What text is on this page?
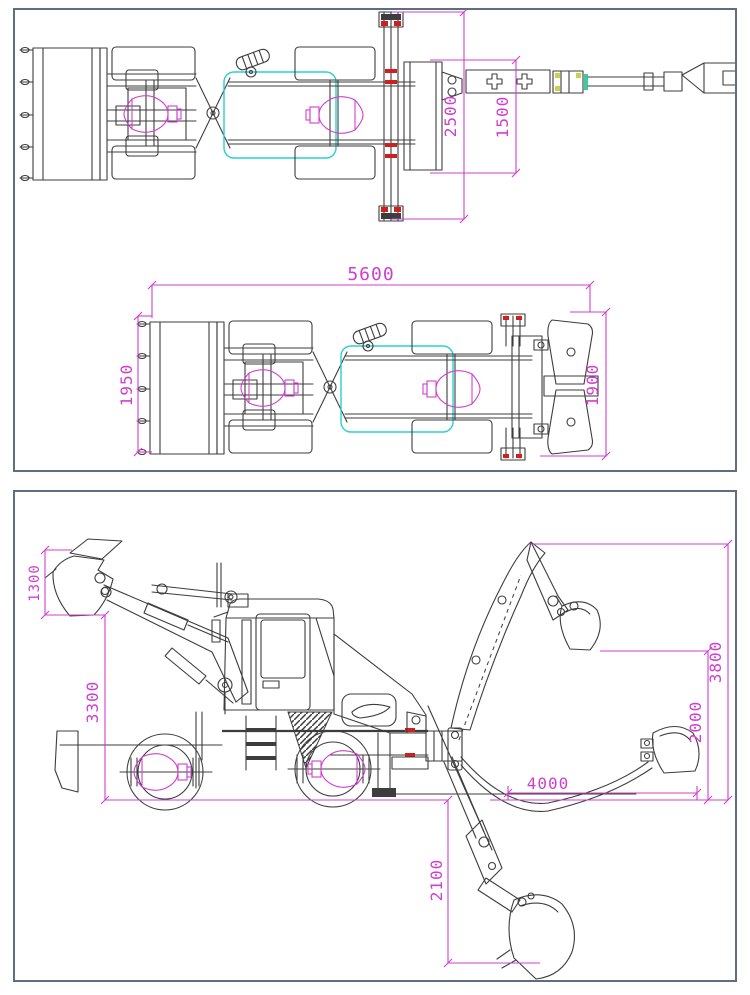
2500 1500
5600
1950	1900
1300
3300
3800
2000
4000
2100
